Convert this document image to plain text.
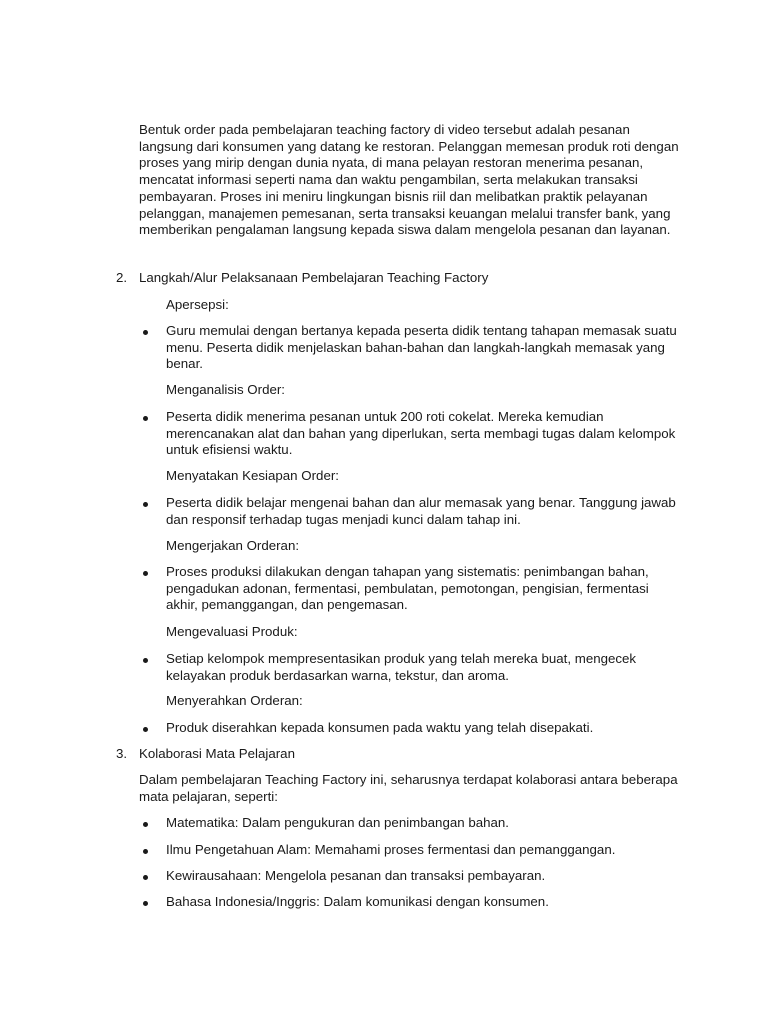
Bentuk order pada pembelajaran teaching factory di video tersebut adalah pesanan langsung dari konsumen yang datang ke restoran. Pelanggan memesan produk roti dengan proses yang mirip dengan dunia nyata, di mana pelayan restoran menerima pesanan, mencatat informasi seperti nama dan waktu pengambilan, serta melakukan transaksi pembayaran. Proses ini meniru lingkungan bisnis riil dan melibatkan praktik pelayanan pelanggan, manajemen pemesanan, serta transaksi keuangan melalui transfer bank, yang memberikan pengalaman langsung kepada siswa dalam mengelola pesanan dan layanan.

2. Langkah/Alur Pelaksanaan Pembelajaran Teaching Factory

Apersepsi:

Guru memulai dengan bertanya kepada peserta didik tentang tahapan memasak suatu menu. Peserta didik menjelaskan bahan-bahan dan langkah-langkah memasak yang benar.

Menganalisis Order:

Peserta didik menerima pesanan untuk 200 roti cokelat. Mereka kemudian merencanakan alat dan bahan yang diperlukan, serta membagi tugas dalam kelompok untuk efisiensi waktu.

Menyatakan Kesiapan Order:

Peserta didik belajar mengenai bahan dan alur memasak yang benar. Tanggung jawab dan responsif terhadap tugas menjadi kunci dalam tahap ini.

Mengerjakan Orderan:

Proses produksi dilakukan dengan tahapan yang sistematis: penimbangan bahan, pengadukan adonan, fermentasi, pembulatan, pemotongan, pengisian, fermentasi akhir, pemanggangan, dan pengemasan.

Mengevaluasi Produk:

Setiap kelompok mempresentasikan produk yang telah mereka buat, mengecek kelayakan produk berdasarkan warna, tekstur, dan aroma.

Menyerahkan Orderan:

Produk diserahkan kepada konsumen pada waktu yang telah disepakati.

3. Kolaborasi Mata Pelajaran

Dalam pembelajaran Teaching Factory ini, seharusnya terdapat kolaborasi antara beberapa mata pelajaran, seperti:

Matematika: Dalam pengukuran dan penimbangan bahan.

Ilmu Pengetahuan Alam: Memahami proses fermentasi dan pemanggangan.

Kewirausahaan: Mengelola pesanan dan transaksi pembayaran.

Bahasa Indonesia/Inggris: Dalam komunikasi dengan konsumen.
